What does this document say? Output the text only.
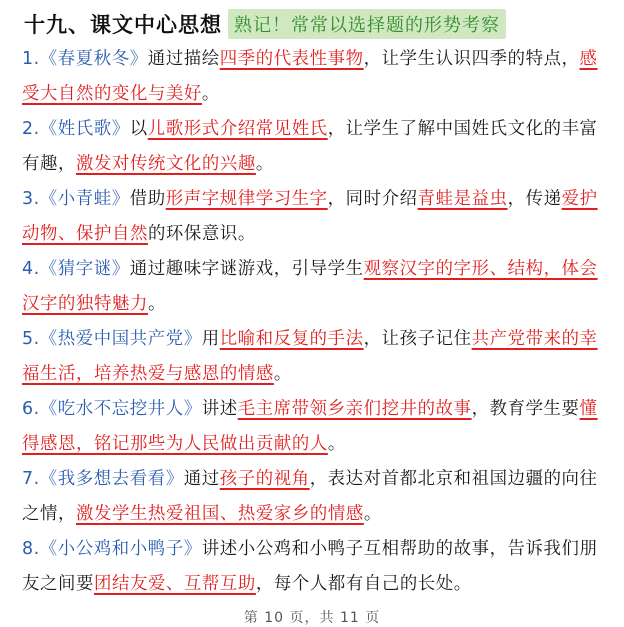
十九、课文中心思想 熟记！常常以选择题的形势考察
1.《春夏秋冬》通过描绘四季的代表性事物，让学生认识四季的特点，感受大自然的变化与美好。
2.《姓氏歌》以儿歌形式介绍常见姓氏，让学生了解中国姓氏文化的丰富有趣，激发对传统文化的兴趣。
3.《小青蛙》借助形声字规律学习生字，同时介绍青蛙是益虫，传递爱护动物、保护自然的环保意识。
4.《猜字谜》通过趣味字谜游戏，引导学生观察汉字的字形、结构，体会汉字的独特魅力。
5.《热爱中国共产党》用比喻和反复的手法，让孩子记住共产党带来的幸福生活，培养热爱与感恩的情感。
6.《吃水不忘挖井人》讲述毛主席带领乡亲们挖井的故事，教育学生要懂得感恩，铭记那些为人民做出贡献的人。
7.《我多想去看看》通过孩子的视角，表达对首都北京和祖国边疆的向往之情，激发学生热爱祖国、热爱家乡的情感。
8.《小公鸡和小鸭子》讲述小公鸡和小鸭子互相帮助的故事，告诉我们朋友之间要团结友爱、互帮互助，每个人都有自己的长处。
第 10 页，共 11 页
